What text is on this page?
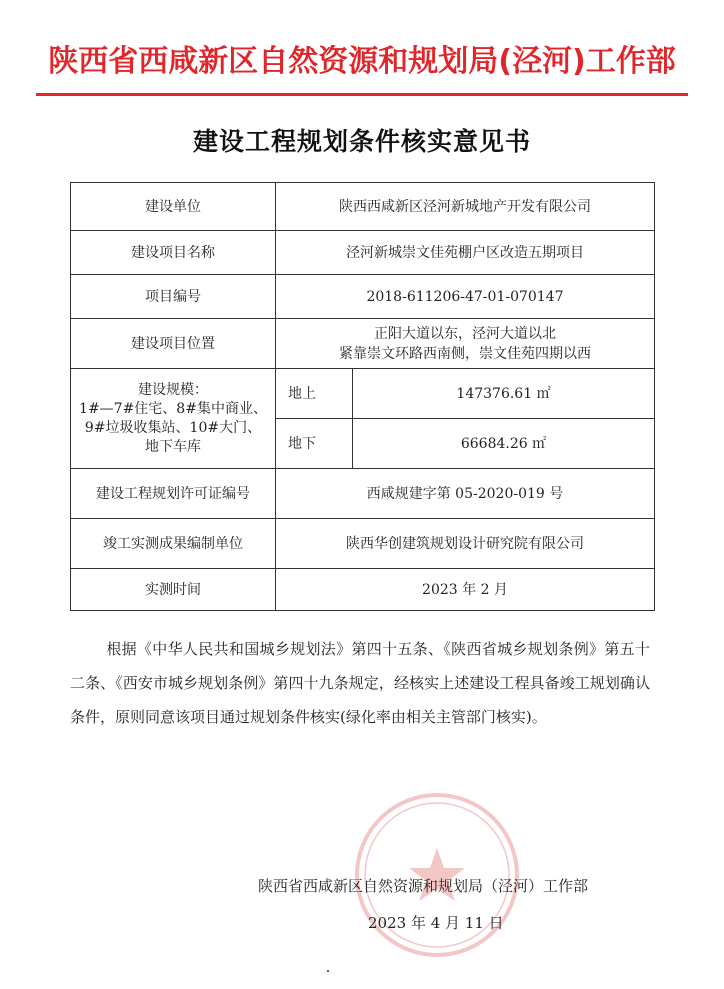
陕西省西咸新区自然资源和规划局(泾河)工作部
建设工程规划条件核实意见书
建设单位	陕西西咸新区泾河新城地产开发有限公司	
建设项目名称	泾河新城崇文佳苑棚户区改造五期项目	
项目编号	2018-611206-47-01-070147	
建设项目位置	正阳大道以东，泾河大道以北
紧靠崇文环路西南侧，崇文佳苑四期以西	

建设规模：
1#—7#住宅、8#集中商业、
9#垃圾收集站、10#大门、
地下车库	地上	147376.61 ㎡
	地下	66684.26 ㎡
建设工程规划许可证编号	西咸规建字第 05-2020-019 号	
竣工实测成果编制单位	陕西华创建筑规划设计研究院有限公司	
实测时间	2023 年 2 月	
根据《中华人民共和国城乡规划法》第四十五条、《陕西省城乡规划条例》第五十二条、《西安市城乡规划条例》第四十九条规定，经核实上述建设工程具备竣工规划确认条件，原则同意该项目通过规划条件核实(绿化率由相关主管部门核实)。
陕西省西咸新区自然资源和规划局（泾河）工作部
2023 年 4 月 11 日
